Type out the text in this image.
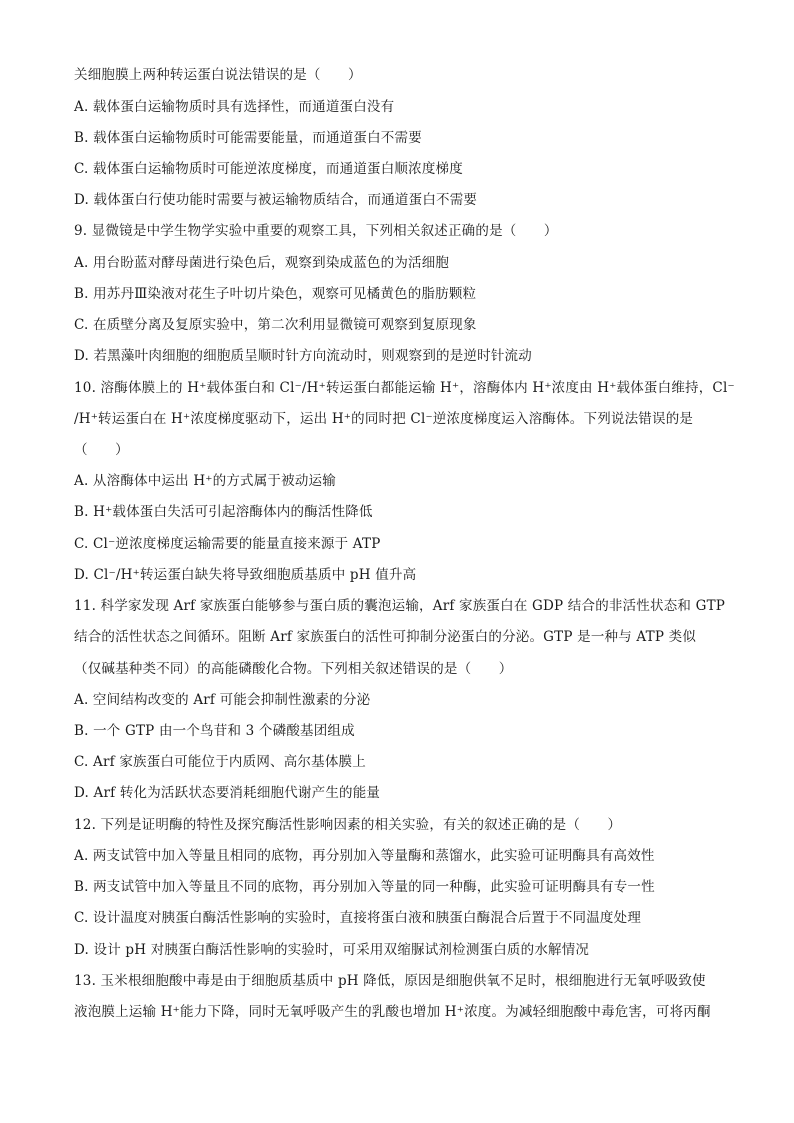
关细胞膜上两种转运蛋白说法错误的是（　　）
A. 载体蛋白运输物质时具有选择性，而通道蛋白没有
B. 载体蛋白运输物质时可能需要能量，而通道蛋白不需要
C. 载体蛋白运输物质时可能逆浓度梯度，而通道蛋白顺浓度梯度
D. 载体蛋白行使功能时需要与被运输物质结合，而通道蛋白不需要
9. 显微镜是中学生物学实验中重要的观察工具，下列相关叙述正确的是（　　）
A. 用台盼蓝对酵母菌进行染色后，观察到染成蓝色的为活细胞
B. 用苏丹Ⅲ染液对花生子叶切片染色，观察可见橘黄色的脂肪颗粒
C. 在质壁分离及复原实验中，第二次利用显微镜可观察到复原现象
D. 若黑藻叶肉细胞的细胞质呈顺时针方向流动时，则观察到的是逆时针流动
10. 溶酶体膜上的 H⁺载体蛋白和 Cl⁻/H⁺转运蛋白都能运输 H⁺，溶酶体内 H⁺浓度由 H⁺载体蛋白维持，Cl⁻
/H⁺转运蛋白在 H⁺浓度梯度驱动下，运出 H⁺的同时把 Cl⁻逆浓度梯度运入溶酶体。下列说法错误的是
（　　）
A. 从溶酶体中运出 H⁺的方式属于被动运输
B. H⁺载体蛋白失活可引起溶酶体内的酶活性降低
C. Cl⁻逆浓度梯度运输需要的能量直接来源于 ATP
D. Cl⁻/H⁺转运蛋白缺失将导致细胞质基质中 pH 值升高
11. 科学家发现 Arf 家族蛋白能够参与蛋白质的囊泡运输，Arf 家族蛋白在 GDP 结合的非活性状态和 GTP
结合的活性状态之间循环。阻断 Arf 家族蛋白的活性可抑制分泌蛋白的分泌。GTP 是一种与 ATP 类似
（仅碱基种类不同）的高能磷酸化合物。下列相关叙述错误的是（　　）
A. 空间结构改变的 Arf 可能会抑制性激素的分泌
B. 一个 GTP 由一个鸟苷和 3 个磷酸基团组成
C. Arf 家族蛋白可能位于内质网、高尔基体膜上
D. Arf 转化为活跃状态要消耗细胞代谢产生的能量
12. 下列是证明酶的特性及探究酶活性影响因素的相关实验，有关的叙述正确的是（　　）
A. 两支试管中加入等量且相同的底物，再分别加入等量酶和蒸馏水，此实验可证明酶具有高效性
B. 两支试管中加入等量且不同的底物，再分别加入等量的同一种酶，此实验可证明酶具有专一性
C. 设计温度对胰蛋白酶活性影响的实验时，直接将蛋白液和胰蛋白酶混合后置于不同温度处理
D. 设计 pH 对胰蛋白酶活性影响的实验时，可采用双缩脲试剂检测蛋白质的水解情况
13. 玉米根细胞酸中毒是由于细胞质基质中 pH 降低，原因是细胞供氧不足时，根细胞进行无氧呼吸致使
液泡膜上运输 H⁺能力下降，同时无氧呼吸产生的乳酸也增加 H⁺浓度。为减轻细胞酸中毒危害，可将丙酮
